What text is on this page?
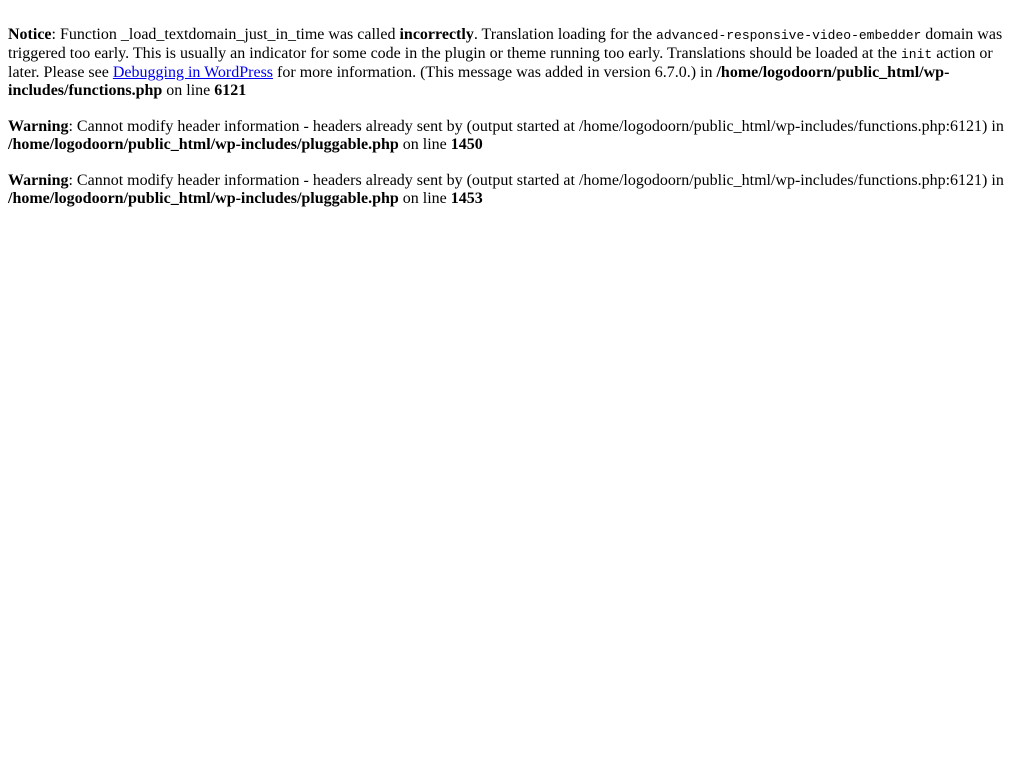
Notice: Function _load_textdomain_just_in_time was called incorrectly. Translation loading for the advanced-responsive-video-embedder domain was triggered too early. This is usually an indicator for some code in the plugin or theme running too early. Translations should be loaded at the init action or later. Please see Debugging in WordPress for more information. (This message was added in version 6.7.0.) in /home/logodoorn/public_html/wp-includes/functions.php on line 6121
Warning: Cannot modify header information - headers already sent by (output started at /home/logodoorn/public_html/wp-includes/functions.php:6121) in /home/logodoorn/public_html/wp-includes/pluggable.php on line 1450
Warning: Cannot modify header information - headers already sent by (output started at /home/logodoorn/public_html/wp-includes/functions.php:6121) in /home/logodoorn/public_html/wp-includes/pluggable.php on line 1453
